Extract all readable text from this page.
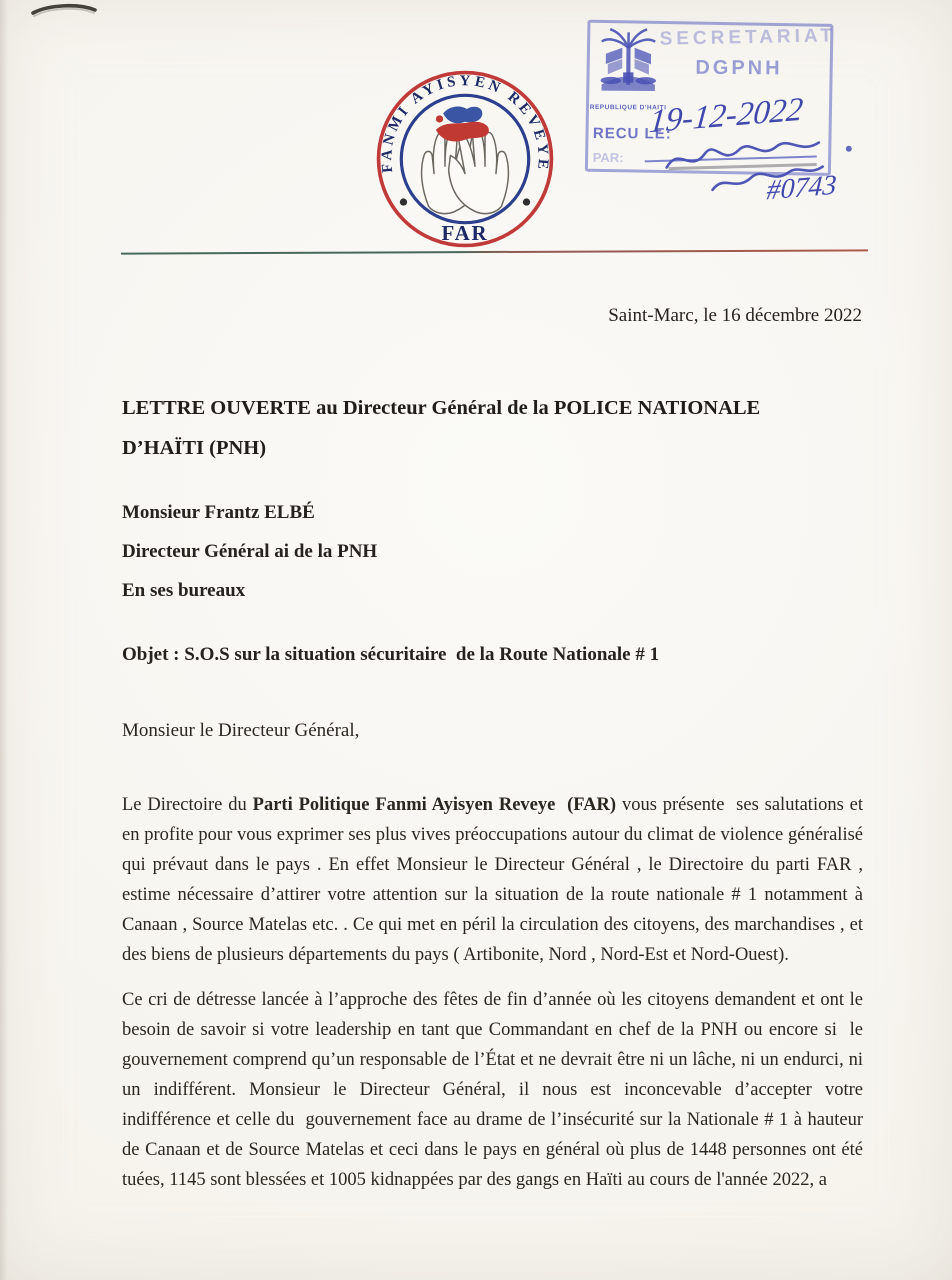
FANMI AYISYEN REVEYE
FAR
SECRETARIAT
DGPNH
REPUBLIQUE D'HAITI
RECU LE:
19-12-2022
PAR:
#0743
Saint-Marc, le 16 décembre 2022
LETTRE OUVERTE au Directeur Général de la POLICE NATIONALE
D’HAÏTI (PNH)
Monsieur Frantz ELBÉ
Directeur Général ai de la PNH
En ses bureaux
Objet : S.O.S sur la situation sécuritaire  de la Route Nationale # 1
Monsieur le Directeur Général,

Le Directoire du Parti Politique Fanmi Ayisyen Reveye  (FAR) vous présente  ses salutations et en profite pour vous exprimer ses plus vives préoccupations autour du climat de violence généralisé qui prévaut dans le pays . En effet Monsieur le Directeur Général , le Directoire du parti FAR , estime nécessaire d’attirer votre attention sur la situation de la route nationale # 1 notamment à Canaan , Source Matelas etc. . Ce qui met en péril la circulation des citoyens, des marchandises , et des biens de plusieurs départements du pays ( Artibonite, Nord , Nord-Est et Nord-Ouest).

Ce cri de détresse lancée à l’approche des fêtes de fin d’année où les citoyens demandent et ont le besoin de savoir si votre leadership en tant que Commandant en chef de la PNH ou encore si  le gouvernement comprend qu’un responsable de l’État et ne devrait être ni un lâche, ni un endurci, ni un indifférent. Monsieur le Directeur Général, il nous est inconcevable d’accepter votre indifférence et celle du  gouvernement face au drame de l’insécurité sur la Nationale # 1 à hauteur de Canaan et de Source Matelas et ceci dans le pays en général où plus de 1448 personnes ont été tuées, 1145 sont blessées et 1005 kidnappées par des gangs en Haïti au cours de l'année 2022, a
